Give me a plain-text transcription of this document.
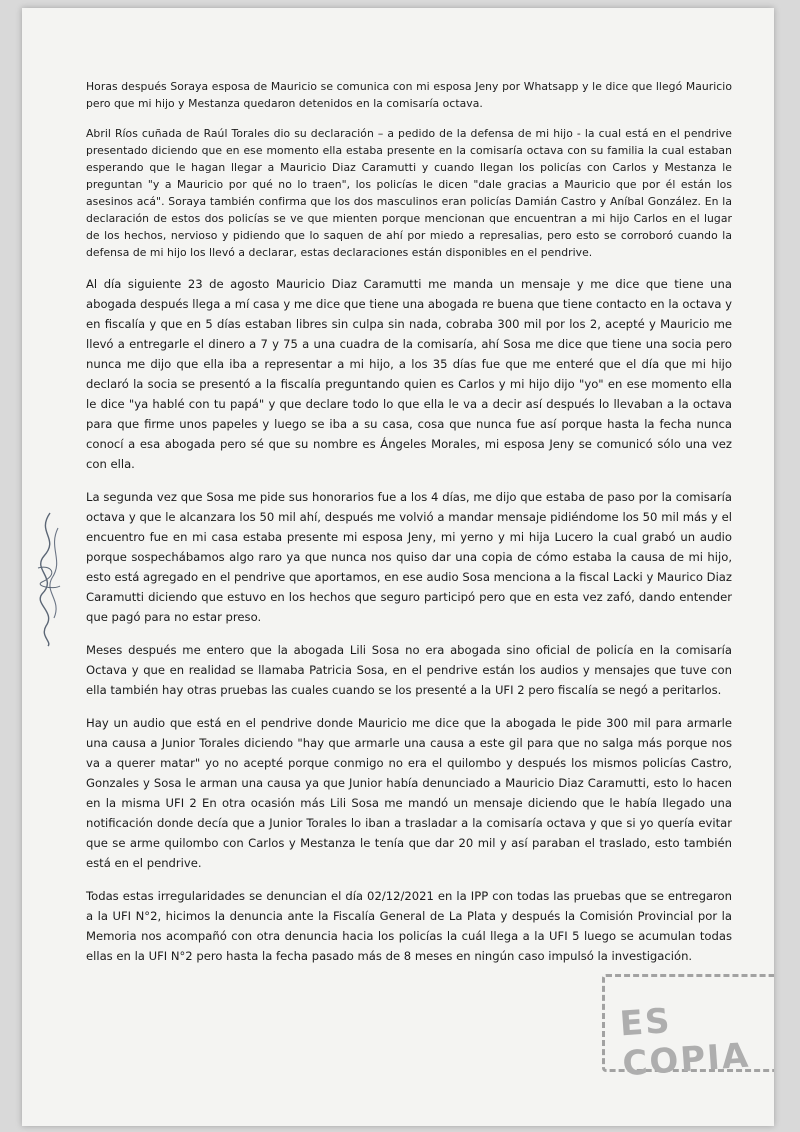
Horas después Soraya esposa de Mauricio se comunica con mi esposa Jeny por Whatsapp y le dice que llegó Mauricio pero que mi hijo y Mestanza quedaron detenidos en la comisaría octava.

Abril Ríos cuñada de Raúl Torales dio su declaración – a pedido de la defensa de mi hijo - la cual está en el pendrive presentado diciendo que en ese momento ella estaba presente en la comisaría octava con su familia la cual estaban esperando que le hagan llegar a Mauricio Diaz Caramutti y cuando llegan los policías con Carlos y Mestanza le preguntan "y a Mauricio por qué no lo traen", los policías le dicen "dale gracias a Mauricio que por él están los asesinos acá". Soraya también confirma que los dos masculinos eran policías Damián Castro y Aníbal González. En la declaración de estos dos policías se ve que mienten porque mencionan que encuentran a mi hijo Carlos en el lugar de los hechos, nervioso y pidiendo que lo saquen de ahí por miedo a represalias, pero esto se corroboró cuando la defensa de mi hijo los llevó a declarar, estas declaraciones están disponibles en el pendrive.

Al día siguiente 23 de agosto Mauricio Diaz Caramutti me manda un mensaje y me dice que tiene una abogada después llega a mí casa y me dice que tiene una abogada re buena que tiene contacto en la octava y en fiscalía y que en 5 días estaban libres sin culpa sin nada, cobraba 300 mil por los 2, acepté y Mauricio me llevó a entregarle el dinero a 7 y 75 a una cuadra de la comisaría, ahí Sosa me dice que tiene una socia pero nunca me dijo que ella iba a representar a mi hijo, a los 35 días fue que me enteré que el día que mi hijo declaró la socia se presentó a la fiscalía preguntando quien es Carlos y mi hijo dijo "yo" en ese momento ella le dice "ya hablé con tu papá" y que declare todo lo que ella le va a decir así después lo llevaban a la octava para que firme unos papeles y luego se iba a su casa, cosa que nunca fue así porque hasta la fecha nunca conocí a esa abogada pero sé que su nombre es Ángeles Morales, mi esposa Jeny se comunicó sólo una vez con ella.

La segunda vez que Sosa me pide sus honorarios fue a los 4 días, me dijo que estaba de paso por la comisaría octava y que le alcanzara los 50 mil ahí, después me volvió a mandar mensaje pidiéndome los 50 mil más y el encuentro fue en mi casa estaba presente mi esposa Jeny, mi yerno y mi hija Lucero la cual grabó un audio porque sospechábamos algo raro ya que nunca nos quiso dar una copia de cómo estaba la causa de mi hijo, esto está agregado en el pendrive que aportamos, en ese audio Sosa menciona a la fiscal Lacki y Maurico Diaz Caramutti diciendo que estuvo en los hechos que seguro participó pero que en esta vez zafó, dando entender que pagó para no estar preso.

Meses después me entero que la abogada Lili Sosa no era abogada sino oficial de policía en la comisaría Octava y que en realidad se llamaba Patricia Sosa, en el pendrive están los audios y mensajes que tuve con ella también hay otras pruebas las cuales cuando se los presenté a la UFI 2 pero fiscalía se negó a peritarlos.

Hay un audio que está en el pendrive donde Mauricio me dice que la abogada le pide 300 mil para armarle una causa a Junior Torales diciendo "hay que armarle una causa a este gil para que no salga más porque nos va a querer matar" yo no acepté porque conmigo no era el quilombo y después los mismos policías Castro, Gonzales y Sosa le arman una causa ya que Junior había denunciado a Mauricio Diaz Caramutti, esto lo hacen en la misma UFI 2 En otra ocasión más Lili Sosa me mandó un mensaje diciendo que le había llegado una notificación donde decía que a Junior Torales lo iban a trasladar a la comisaría octava y que si yo quería evitar que se arme quilombo con Carlos y Mestanza le tenía que dar 20 mil y así paraban el traslado, esto también está en el pendrive.

Todas estas irregularidades se denuncian el día 02/12/2021 en la IPP con todas las pruebas que se entregaron a la UFI N°2, hicimos la denuncia ante la Fiscalía General de La Plata y después la Comisión Provincial por la Memoria nos acompañó con otra denuncia hacia los policías la cuál llega a la UFI 5 luego se acumulan todas ellas en la UFI N°2 pero hasta la fecha pasado más de 8 meses en ningún caso impulsó la investigación.

ES COPIA
